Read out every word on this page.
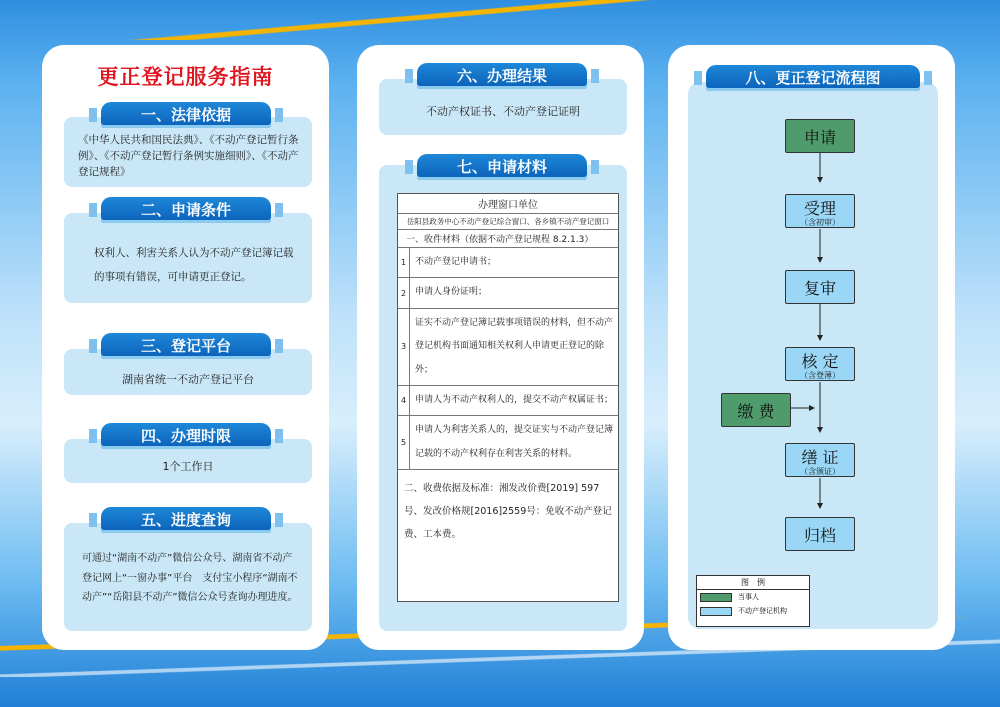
更正登记服务指南
《中华人民共和国民法典》、《不动产登记暂行条例》、《不动产登记暂行条例实施细则》、《不动产登记规程》
一、法律依据
权利人、利害关系人认为不动产登记簿记载的事项有错误，可申请更正登记。
二、申请条件
湖南省统一不动产登记平台
三、登记平台
1个工作日
四、办理时限
可通过“湖南不动产”微信公众号、湖南省不动产登记网上“一窗办事”平台　支付宝小程序“湖南不动产”“岳阳县不动产”微信公众号查询办理进度。
五、进度查询
不动产权证书、不动产登记证明
六、办理结果
七、申请材料
办理窗口单位
岳阳县政务中心不动产登记综合窗口、各乡镇不动产登记窗口
一、收件材料（依据不动产登记规程 8.2.1.3）
1 不动产登记申请书；
2 申请人身份证明；
3
证实不动产登记簿记载事项错误的材料，但不动产登记机构书面通知相关权利人申请更正登记的除外；
4 申请人为不动产权利人的，提交不动产权属证书；
5
申请人为利害关系人的，提交证实与不动产登记簿记载的不动产权利存在利害关系的材料。
二、收费依据及标准：湘发改价费[2019] 597号、发改价格规[2016]2559号：免收不动产登记费、工本费。
申请
受理
（含初审）
复审
核 定
（含登薄）
缴 费
缮 证
（含颁证）
归档
图　例
当事人
不动产登记机构
八、更正登记流程图
